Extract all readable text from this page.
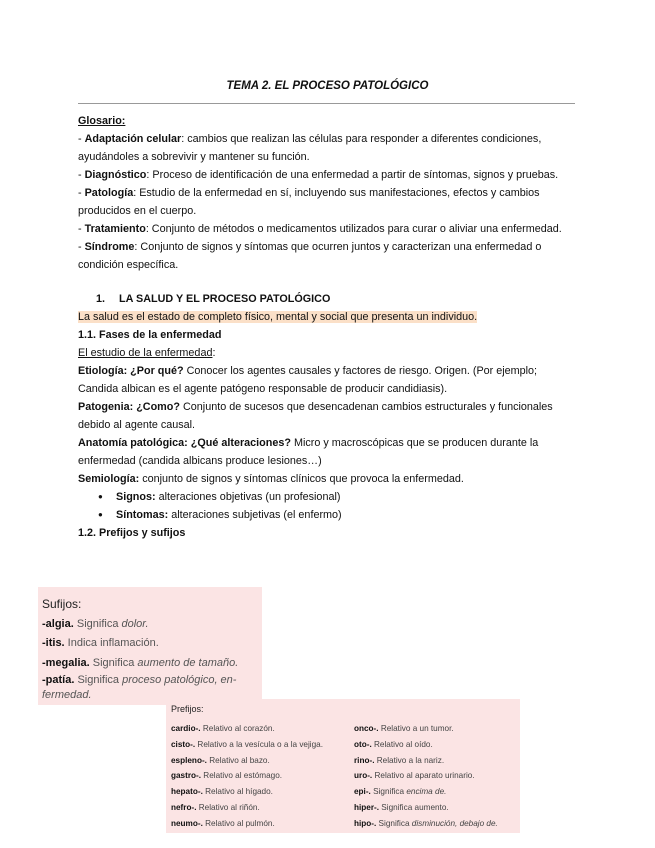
TEMA 2. EL PROCESO PATOLÓGICO
Glosario:
- Adaptación celular: cambios que realizan las células para responder a diferentes condiciones, ayudándoles a sobrevivir y mantener su función.
- Diagnóstico: Proceso de identificación de una enfermedad a partir de síntomas, signos y pruebas.
- Patología: Estudio de la enfermedad en sí, incluyendo sus manifestaciones, efectos y cambios producidos en el cuerpo.
- Tratamiento: Conjunto de métodos o medicamentos utilizados para curar o aliviar una enfermedad.
- Síndrome: Conjunto de signos y síntomas que ocurren juntos y caracterizan una enfermedad o condición específica.
1. LA SALUD Y EL PROCESO PATOLÓGICO
La salud es el estado de completo físico, mental y social que presenta un individuo.
1.1. Fases de la enfermedad
El estudio de la enfermedad:
Etiología: ¿Por qué? Conocer los agentes causales y factores de riesgo. Origen. (Por ejemplo; Candida albican es el agente patógeno responsable de producir candidiasis).
Patogenia: ¿Como? Conjunto de sucesos que desencadenan cambios estructurales y funcionales debido al agente causal.
Anatomía patológica: ¿Qué alteraciones? Micro y macroscópicas que se producen durante la enfermedad (candida albicans produce lesiones…)
Semiología: conjunto de signos y síntomas clínicos que provoca la enfermedad.
● Signos: alteraciones objetivas (un profesional)
● Síntomas: alteraciones subjetivas (el enfermo)
1.2. Prefijos y sufijos
Sufijos:
-algia. Significa dolor.
-itis. Indica inflamación.
-megalia. Significa aumento de tamaño.
-patía. Significa proceso patológico, en-fermedad.
Prefijos:
cardio-. Relativo al corazón.
cisto-. Relativo a la vesícula o a la vejiga.
espleno-. Relativo al bazo.
gastro-. Relativo al estómago.
hepato-. Relativo al hígado.
nefro-. Relativo al riñón.
neumo-. Relativo al pulmón.
onco-. Relativo a un tumor.
oto-. Relativo al oído.
rino-. Relativo a la nariz.
uro-. Relativo al aparato urinario.
epi-. Significa encima de.
hiper-. Significa aumento.
hipo-. Significa disminución, debajo de.
